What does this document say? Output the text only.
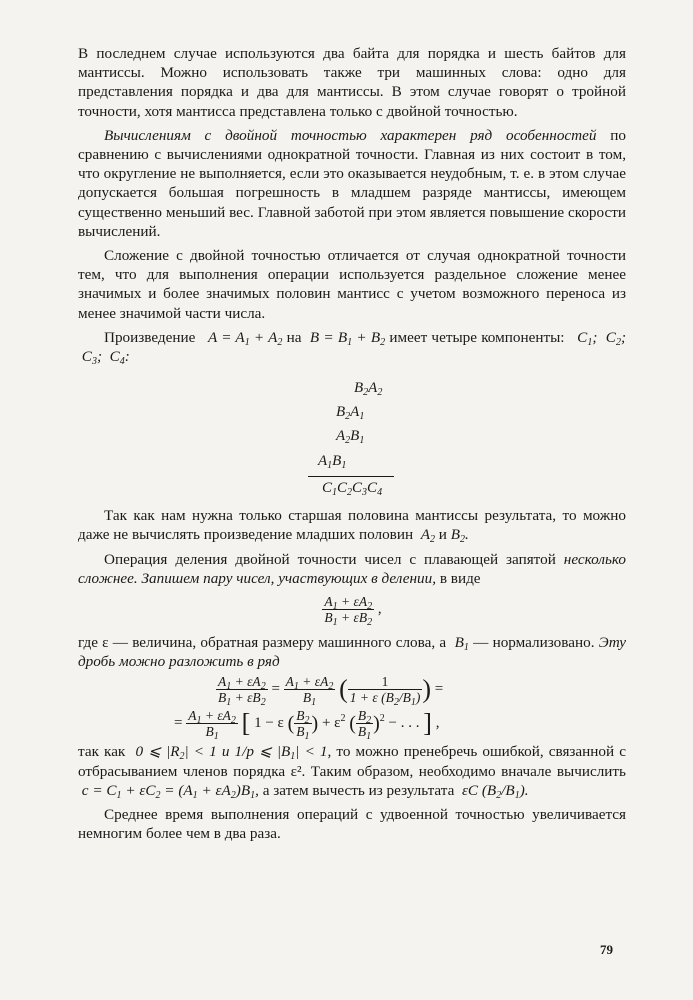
В последнем случае используются два байта для порядка и шесть байтов для мантиссы. Можно использовать также три машинных слова: одно для представления порядка и два для мантиссы. В этом случае говорят о тройной точности, хотя мантисса представлена только с двойной точностью.

Вычислениям с двойной точностью характерен ряд особенностей по сравнению с вычислениями однократной точности. Главная из них состоит в том, что округление не выполняется, если это оказывается неудобным, т. е. в этом случае допускается большая погрешность в младшем разряде мантиссы, имеющем существенно меньший вес. Главной заботой при этом является повышение скорости вычислений.

Сложение с двойной точностью отличается от случая однократной точности тем, что для выполнения операции используется раздельное сложение менее значимых и более значимых половин мантисс с учетом возможного переноса из менее значимой части числа.

Произведение   $A = A_1 + A_2$ на  $B = B_1 + B_2$ имеет четыре компоненты:   $C_1$;  $C_2$;  $C_3$;  $C_4$:

$B_2A_2$
$B_2A_1$
$A_2B_1$
$A_1B_1$
$C_1C_2C_3C_4$

Так как нам нужна только старшая половина мантиссы результата, то можно даже не вычислять произведение младших половин  $A_2$ и $B_2$.

Операция деления двойной точности чисел с плавающей запятой несколько сложнее. Запишем пару чисел, участвующих в делении, в виде

$\frac{A_1 + \varepsilon A_2}{B_1 + \varepsilon B_2}$ ,

где ε — величина, обратная размеру машинного слова, а  $B_1$ — нормализовано. Эту дробь можно разложить в ряд

$\frac{A_1 + \varepsilon A_2}{B_1 + \varepsilon B_2} = \frac{A_1 + \varepsilon A_2}{B_1}$ ( $\frac{1}{1 + \varepsilon (B_2/B_1)}$ ) =
= $\frac{A_1 + \varepsilon A_2}{B_1}$ [ 1 − ε ( $\frac{B_2}{B_1}$ ) + $\varepsilon^2$ ( $\frac{B_2}{B_1} )^2$ − . . . ] ,

так как  0 ⩽ $|R_2| < 1$ и 1/p ⩽ $|B_1| < 1$, то можно пренебречь ошибкой, связанной с отбрасыванием членов порядка ε². Таким образом, необходимо вначале вычислить  $c = C_1 + \varepsilon C_2 = (A_1 + \varepsilon A_2)B_1$, а затем вычесть из результата  εC $(B_2/B_1)$.

Среднее время выполнения операций с удвоенной точностью увеличивается немногим более чем в два раза.

79
